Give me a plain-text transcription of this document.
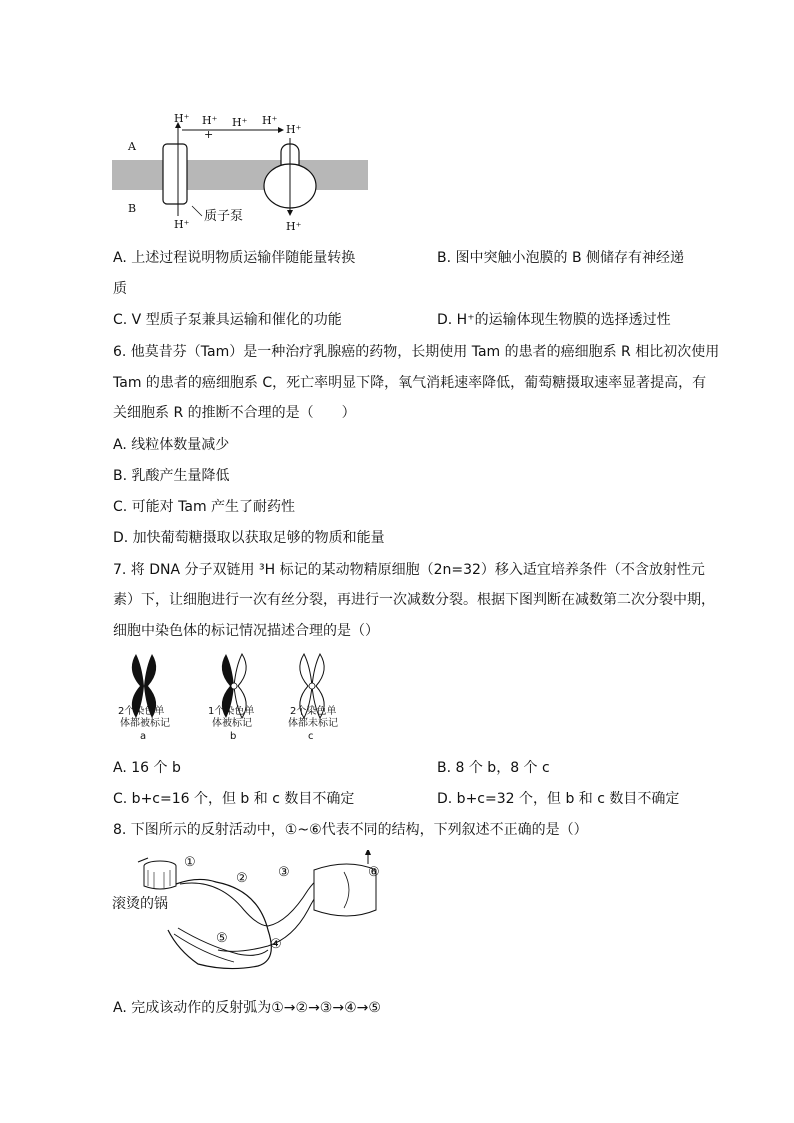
A
B
H⁺ H⁺
+
H⁺ H⁺
H⁺
H⁺	H⁺
质子泵
A. 上述过程说明物质运输伴随能量转换	B. 图中突触小泡膜的 B 侧储存有神经递
质
C. V 型质子泵兼具运输和催化的功能	D. H⁺的运输体现生物膜的选择透过性
6. 他莫昔芬（Tam）是一种治疗乳腺癌的药物，长期使用 Tam 的患者的癌细胞系 R 相比初次使用
Tam 的患者的癌细胞系 C，死亡率明显下降，氧气消耗速率降低，葡萄糖摄取速率显著提高，有
关细胞系 R 的推断不合理的是（　　）
A. 线粒体数量减少
B. 乳酸产生量降低
C. 可能对 Tam 产生了耐药性
D. 加快葡萄糖摄取以获取足够的物质和能量
7. 将 DNA 分子双链用 ³H 标记的某动物精原细胞（2n=32）移入适宜培养条件（不含放射性元
素）下，让细胞进行一次有丝分裂，再进行一次减数分裂。根据下图判断在减数第二次分裂中期，
细胞中染色体的标记情况描述合理的是（）
2个染色单
体都被标记
a
1个染色单
体被标记
b
2个染色单
体都未标记
c
A. 16 个 b	B. 8 个 b，8 个 c
C. b+c=16 个，但 b 和 c 数目不确定	D. b+c=32 个，但 b 和 c 数目不确定
8. 下图所示的反射活动中，①~⑥代表不同的结构，下列叙述不正确的是（）
①
② ③
④
⑤
⑥
滚烫的锅
A. 完成该动作的反射弧为①→②→③→④→⑤
